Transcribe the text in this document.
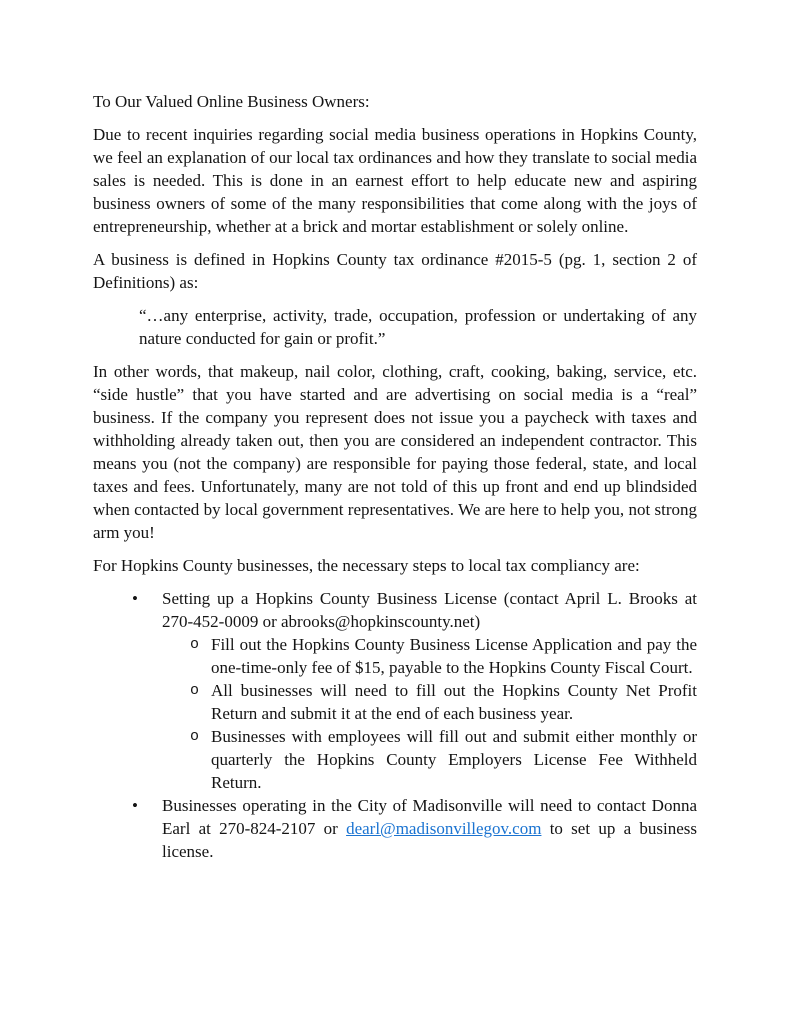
To Our Valued Online Business Owners:

Due to recent inquiries regarding social media business operations in Hopkins County, we feel an explanation of our local tax ordinances and how they translate to social media sales is needed. This is done in an earnest effort to help educate new and aspiring business owners of some of the many responsibilities that come along with the joys of entrepreneurship, whether at a brick and mortar establishment or solely online.

A business is defined in Hopkins County tax ordinance #2015-5 (pg. 1, section 2 of Definitions) as:

“…any enterprise, activity, trade, occupation, profession or undertaking of any nature conducted for gain or profit.”

In other words, that makeup, nail color, clothing, craft, cooking, baking, service, etc. “side hustle” that you have started and are advertising on social media is a “real” business. If the company you represent does not issue you a paycheck with taxes and withholding already taken out, then you are considered an independent contractor. This means you (not the company) are responsible for paying those federal, state, and local taxes and fees. Unfortunately, many are not told of this up front and end up blindsided when contacted by local government representatives. We are here to help you, not strong arm you!

For Hopkins County businesses, the necessary steps to local tax compliancy are:

• Setting up a Hopkins County Business License (contact April L. Brooks at 270-452-0009 or abrooks@hopkinscounty.net)
o Fill out the Hopkins County Business License Application and pay the one-time-only fee of $15, payable to the Hopkins County Fiscal Court.
o All businesses will need to fill out the Hopkins County Net Profit Return and submit it at the end of each business year.
o Businesses with employees will fill out and submit either monthly or quarterly the Hopkins County Employers License Fee Withheld Return.
• Businesses operating in the City of Madisonville will need to contact Donna Earl at 270-824-2107 or dearl@madisonvillegov.com to set up a business license.
